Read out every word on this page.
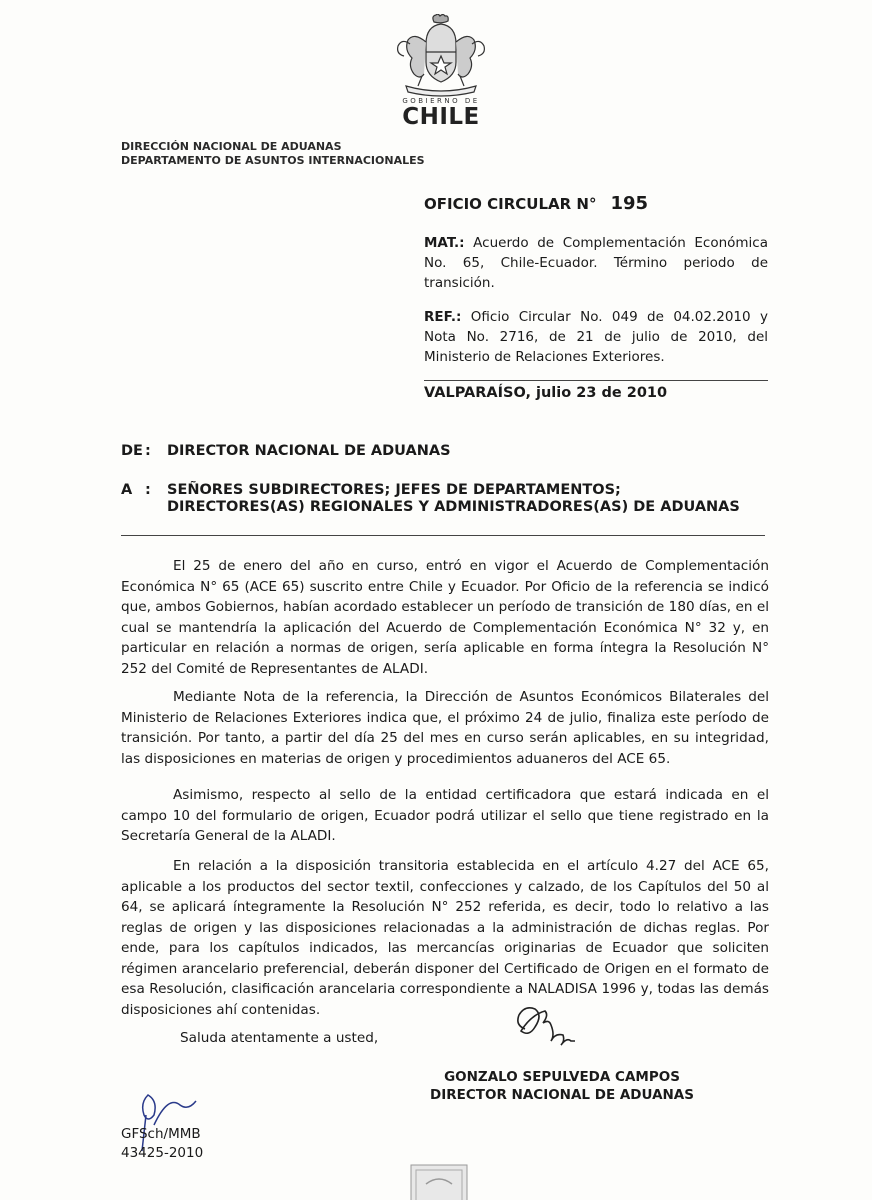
GOBIERNO DE
CHILE
DIRECCIÓN NACIONAL DE ADUANAS
DEPARTAMENTO DE ASUNTOS INTERNACIONALES
OFICIO CIRCULAR N° 195
MAT.: Acuerdo de Complementación Económica No. 65, Chile-Ecuador. Término periodo de transición.
REF.: Oficio Circular No. 049 de 04.02.2010 y Nota No. 2716, de 21 de julio de 2010, del Ministerio de Relaciones Exteriores.
VALPARAÍSO, julio 23 de 2010
DE : DIRECTOR NACIONAL DE ADUANAS
A : SEÑORES SUBDIRECTORES; JEFES DE DEPARTAMENTOS;
DIRECTORES(AS) REGIONALES Y ADMINISTRADORES(AS) DE ADUANAS

El 25 de enero del año en curso, entró en vigor el Acuerdo de Complementación Económica N° 65 (ACE 65) suscrito entre Chile y Ecuador. Por Oficio de la referencia se indicó que, ambos Gobiernos, habían acordado establecer un período de transición de 180 días, en el cual se mantendría la aplicación del Acuerdo de Complementación Económica N° 32 y, en particular en relación a normas de origen, sería aplicable en forma íntegra la Resolución N° 252 del Comité de Representantes de ALADI.

Mediante Nota de la referencia, la Dirección de Asuntos Económicos Bilaterales del Ministerio de Relaciones Exteriores indica que, el próximo 24 de julio, finaliza este período de transición. Por tanto, a partir del día 25 del mes en curso serán aplicables, en su integridad, las disposiciones en materias de origen y procedimientos aduaneros del ACE 65.

Asimismo, respecto al sello de la entidad certificadora que estará indicada en el campo 10 del formulario de origen, Ecuador podrá utilizar el sello que tiene registrado en la Secretaría General de la ALADI.

En relación a la disposición transitoria establecida en el artículo 4.27 del ACE 65, aplicable a los productos del sector textil, confecciones y calzado, de los Capítulos del 50 al 64, se aplicará íntegramente la Resolución N° 252 referida, es decir, todo lo relativo a las reglas de origen y las disposiciones relacionadas a la administración de dichas reglas. Por ende, para los capítulos indicados, las mercancías originarias de Ecuador que soliciten régimen arancelario preferencial, deberán disponer del Certificado de Origen en el formato de esa Resolución, clasificación arancelaria correspondiente a NALADISA 1996 y, todas las demás disposiciones ahí contenidas.

Saluda atentamente a usted,
GONZALO SEPULVEDA CAMPOS
DIRECTOR NACIONAL DE ADUANAS
GFSch/MMB
43425-2010
